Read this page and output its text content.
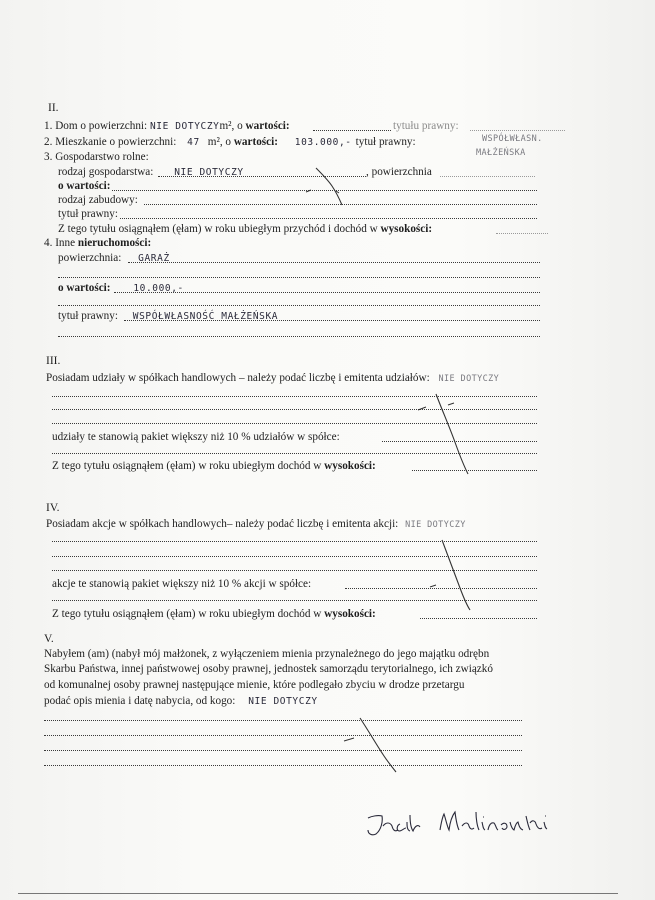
II.
1. Dom o powierzchni: NIE DOTYCZYm², o wartości:	tytułu prawny:
2. Mieszkanie o powierzchni: 47 m², o wartości: 103.000,- tytuł prawny:	WSPÓŁWŁASN.
MAŁŻEŃSKA
3. Gospodarstwo rolne:
rodzaj gospodarstwa: NIE DOTYCZY	, powierzchnia
o wartości:
rodzaj zabudowy:
tytuł prawny:
Z tego tytułu osiągnąłem (ęłam) w roku ubiegłym przychód i dochód w wysokości:
4. Inne nieruchomości:
powierzchnia: GARAŻ
o wartości: 10.000,-
tytuł prawny: WSPÓŁWŁASNOŚĆ MAŁŻEŃSKA
III.
Posiadam udziały w spółkach handlowych – należy podać liczbę i emitenta udziałów: NIE DOTYCZY
udziały te stanowią pakiet większy niż 10 % udziałów w spółce:
Z tego tytułu osiągnąłem (ęłam) w roku ubiegłym dochód w wysokości:
IV.
Posiadam akcje w spółkach handlowych– należy podać liczbę i emitenta akcji: NIE DOTYCZY
akcje te stanowią pakiet większy niż 10 % akcji w spółce:
Z tego tytułu osiągnąłem (ęłam) w roku ubiegłym dochód w wysokości:
V.
Nabyłem (am) (nabył mój małżonek, z wyłączeniem mienia przynależnego do jego majątku odrębn
Skarbu Państwa, innej państwowej osoby prawnej, jednostek samorządu terytorialnego, ich związkó
od komunalnej osoby prawnej następujące mienie, które podlegało zbyciu w drodze przetargu
podać opis mienia i datę nabycia, od kogo: NIE DOTYCZY
